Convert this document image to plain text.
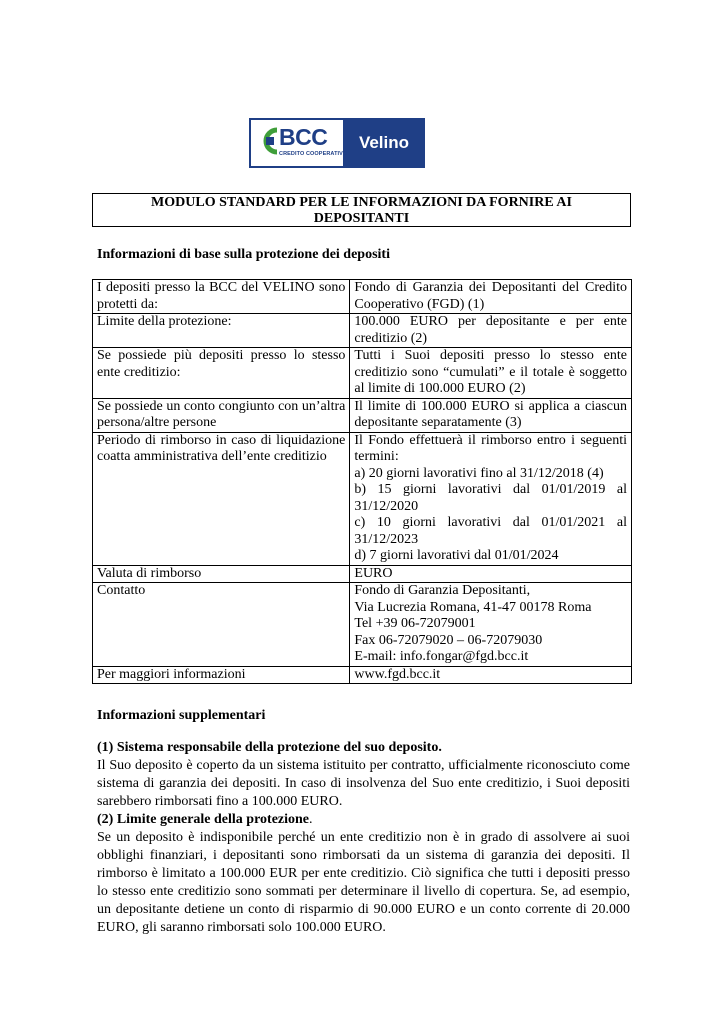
BCC
CREDITO COOPERATIVO
Velino
MODULO STANDARD PER LE INFORMAZIONI DA FORNIRE AI
DEPOSITANTI
Informazioni di base sulla protezione dei depositi
I depositi presso la BCC del VELINO sono protetti da:	Fondo di Garanzia dei Depositanti del Credito Cooperativo (FGD) (1)

Limite della protezione:	100.000 EURO per depositante e per ente creditizio (2)

Se possiede più depositi presso lo stesso ente creditizio:	Tutti i Suoi depositi presso lo stesso ente creditizio sono “cumulati” e il totale è soggetto al limite di 100.000 EURO (2)

Se possiede un conto congiunto con un’altra persona/altre persone	Il limite di 100.000 EURO si applica a ciascun depositante separatamente (3)

Periodo di rimborso in caso di liquidazione coatta amministrativa dell’ente creditizio	Il Fondo effettuerà il rimborso entro i seguenti termini:
a) 20 giorni lavorativi fino al 31/12/2018 (4)
b) 15 giorni lavorativi dal 01/01/2019 al 31/12/2020
c) 10 giorni lavorativi dal 01/01/2021 al 31/12/2023
d) 7 giorni lavorativi dal 01/01/2024

Valuta di rimborso	EURO

Contatto	Fondo di Garanzia Depositanti,
Via Lucrezia Romana, 41-47 00178 Roma
Tel +39 06-72079001
Fax 06-72079020 – 06-72079030
E-mail: info.fongar@fgd.bcc.it

Per maggiori informazioni	www.fgd.bcc.it
Informazioni supplementari
(1) Sistema responsabile della protezione del suo deposito.
Il Suo deposito è coperto da un sistema istituito per contratto, ufficialmente riconosciuto come sistema di garanzia dei depositi. In caso di insolvenza del Suo ente creditizio, i Suoi depositi sarebbero rimborsati fino a 100.000 EURO.
(2) Limite generale della protezione.
Se un deposito è indisponibile perché un ente creditizio non è in grado di assolvere ai suoi obblighi finanziari, i depositanti sono rimborsati da un sistema di garanzia dei depositi. Il rimborso è limitato a 100.000 EUR per ente creditizio. Ciò significa che tutti i depositi presso lo stesso ente creditizio sono sommati per determinare il livello di copertura. Se, ad esempio, un depositante detiene un conto di risparmio di 90.000 EURO e un conto corrente di 20.000 EURO, gli saranno rimborsati solo 100.000 EURO.
